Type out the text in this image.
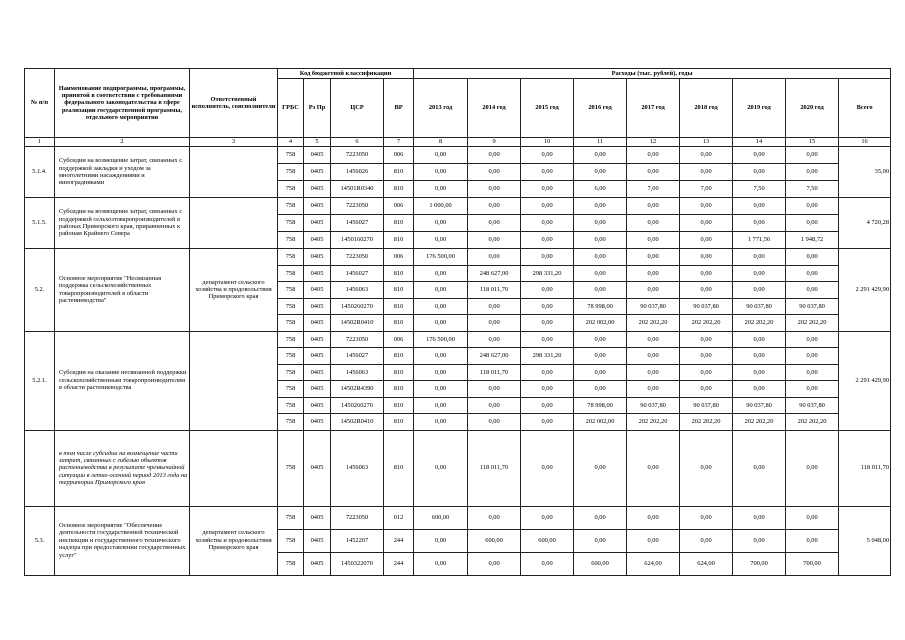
№ п/п	Наименование подпрограммы, программы, принятой в соответствии с требованиями федерального законодательства в сфере реализации государственной программы, отдельного мероприятия	Ответственный исполнитель, соисполнители	Код бюджетной классификации				Расходы (тыс. рублей), годы								
			ГРБС	Рз Пр	ЦСР	ВР	2013 год	2014 год	2015 год	2016 год	2017 год	2018 год	2019 год	2020 год	Всего
1	2	3	4	5	6	7	8	9	10	11	12	13	14	15	16
5.1.4.	Субсидии на возмещение затрат, связанных с поддержкой закладки и уходом за многолетними насаждениями и виноградниками		758	0405	7223050	006	0,00	0,00	0,00	0,00	0,00	0,00	0,00	0,00	35,00
			758	0405	1456026	810	0,00	0,00	0,00	0,00	0,00	0,00	0,00	0,00	
			758	0405	14501R0340	810	0,00	0,00	0,00	6,00	7,00	7,00	7,50	7,50	
5.1.5.	Субсидии на возмещение затрат, связанных с поддержкой сельхозтоваропроизводителей в районах Приморского края, приравненных к районам Крайнего Севера		758	0405	7223050	006	1 000,00	0,00	0,00	0,00	0,00	0,00	0,00	0,00	4 720,28
			758	0405	1456027	810	0,00	0,00	0,00	0,00	0,00	0,00	0,00	0,00	
			758	0405	1450160270	810	0,00	0,00	0,00	0,00	0,00	0,00	1 771,56	1 948,72	
5.2.	Основное мероприятие "Несвязанная поддержка сельскохозяйственных товаропроизводителей в области растениеводства"	департамент сельского хозяйства и продовольствия Приморского края	758	0405	7223050	006	176 500,00	0,00	0,00	0,00	0,00	0,00	0,00	0,00	2 291 429,90
			758	0405	1456027	810	0,00	248 627,00	298 331,20	0,00	0,00	0,00	0,00	0,00	
			758	0405	1456063	810	0,00	118 011,70	0,00	0,00	0,00	0,00	0,00	0,00	
			758	0405	1450260270	810	0,00	0,00	0,00	78 998,00	90 037,80	90 037,80	90 037,80	90 037,80	
			758	0405	14502R0410	810	0,00	0,00	0,00	202 002,00	202 202,20	202 202,20	202 202,20	202 202,20	
5.2.1.	Субсидии на оказание несвязанной поддержки сельскохозяйственным товаропроизводителям в области растениеводства		758	0405	7223050	006	176 500,00	0,00	0,00	0,00	0,00	0,00	0,00	0,00	2 291 429,90
			758	0405	1456027	810	0,00	248 627,00	298 331,20	0,00	0,00	0,00	0,00	0,00	
			758	0405	1456063	810	0,00	118 011,70	0,00	0,00	0,00	0,00	0,00	0,00	
			758	0405	14502R4390	810	0,00	0,00	0,00	0,00	0,00	0,00	0,00	0,00	
			758	0405	1450260270	810	0,00	0,00	0,00	78 998,00	90 037,80	90 037,80	90 037,80	90 037,80	
			758	0405	14502R0410	810	0,00	0,00	0,00	202 002,00	202 202,20	202 202,20	202 202,20	202 202,20	
	в том числе субсидии на возмещение части затрат, связанных с гибелью объектов растениеводства в результате чрезвычайной ситуации в летне-осенний период 2013 года на территории Приморского края		758	0405	1456063	810	0,00	118 011,70	0,00	0,00	0,00	0,00	0,00	0,00	118 011,70
5.3.	Основное мероприятие "Обеспечение деятельности государственной технической инспекции и государственного технического надзора при предоставлении государственных услуг"	департамент сельского хозяйства и продовольствия Приморского края	758	0405	7223050	012	600,00	0,00	0,00	0,00	0,00	0,00	0,00	0,00	5 048,00
			758	0405	1452207	244	0,00	600,00	600,00	0,00	0,00	0,00	0,00	0,00	
			758	0405	1450322070	244	0,00	0,00	0,00	600,00	624,00	624,00	700,00	700,00	
